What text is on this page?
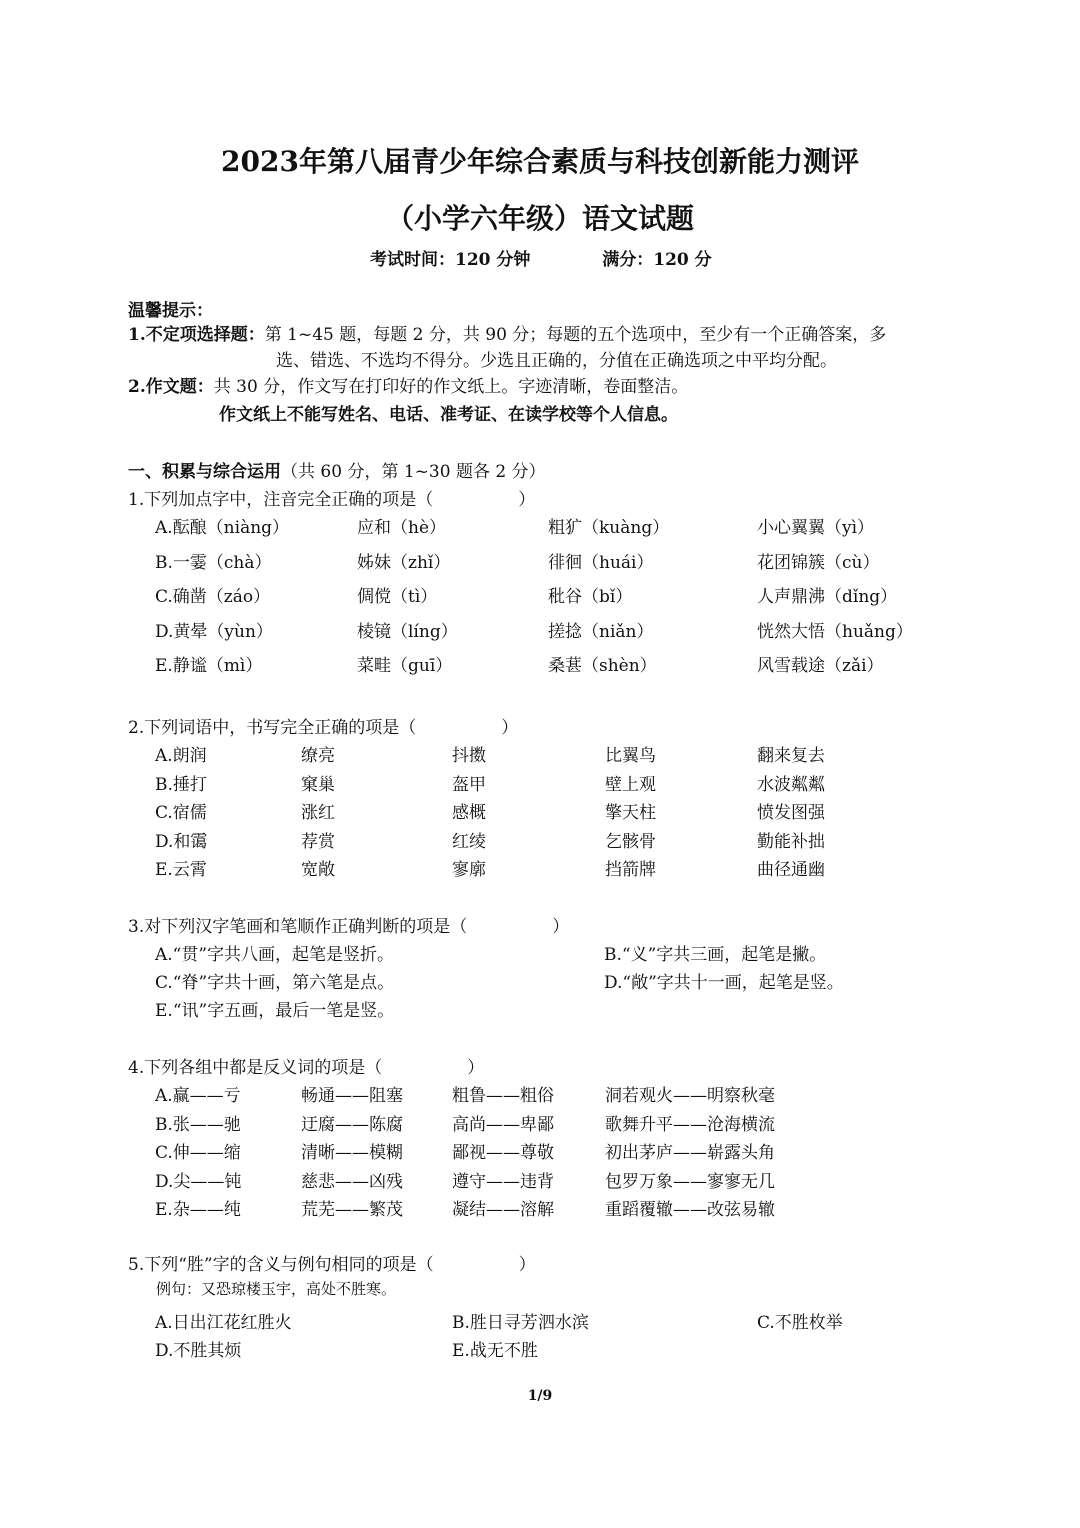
2023年第八届青少年综合素质与科技创新能力测评
（小学六年级）语文试题
考试时间：120 分钟	满分：120 分
温馨提示：
1.不定项选择题：第 1~45 题，每题 2 分，共 90 分；每题的五个选项中，至少有一个正确答案，多
选、错选、不选均不得分。少选且正确的，分值在正确选项之中平均分配。
2.作文题：共 30 分，作文写在打印好的作文纸上。字迹清晰，卷面整洁。
作文纸上不能写姓名、电话、准考证、在读学校等个人信息。
一、积累与综合运用（共 60 分，第 1~30 题各 2 分）
1.下列加点字中，注音完全正确的项是（　　　　　）
A.酝酿（niàng）	应和（hè）	粗犷（kuàng）	小心翼翼（yì）
B.一霎（chà）	姊妹（zhǐ）	徘徊（huái）	花团锦簇（cù）
C.确凿（záo）	倜傥（tì）	秕谷（bǐ）	人声鼎沸（dǐng）
D.黄晕（yùn）	棱镜（líng）	搓捻（niǎn）	恍然大悟（huǎng）
E.静谧（mì）	菜畦（guī）	桑葚（shèn）	风雪载途（zǎi）
2.下列词语中，书写完全正确的项是（　　　　　）
A.朗润	缭亮	抖擞	比翼鸟	翻来复去
B.捶打	窠巢	盔甲	壁上观	水波粼粼
C.宿儒	涨红	感概	擎天柱	愤发图强
D.和霭	荐赏	红绫	乞骸骨	勤能补拙
E.云霄	宽敞	寥廓	挡箭牌	曲径通幽
3.对下列汉字笔画和笔顺作正确判断的项是（　　　　　）
A.“贯”字共八画，起笔是竖折。	B.“义”字共三画，起笔是撇。
C.“脊”字共十画，第六笔是点。	D.“敞”字共十一画，起笔是竖。
E.“讯”字五画，最后一笔是竖。
4.下列各组中都是反义词的项是（　　　　　）
A.赢——亏	畅通——阻塞	粗鲁——粗俗	洞若观火——明察秋毫
B.张——驰	迂腐——陈腐	高尚——卑鄙	歌舞升平——沧海横流
C.伸——缩	清晰——模糊	鄙视——尊敬	初出茅庐——崭露头角
D.尖——钝	慈悲——凶残	遵守——违背	包罗万象——寥寥无几
E.杂——纯	荒芜——繁茂	凝结——溶解	重蹈覆辙——改弦易辙
5.下列“胜”字的含义与例句相同的项是（　　　　　）
例句：又恐琼楼玉宇，高处不胜寒。
A.日出江花红胜火	B.胜日寻芳泗水滨	C.不胜枚举
D.不胜其烦	E.战无不胜
1/9
